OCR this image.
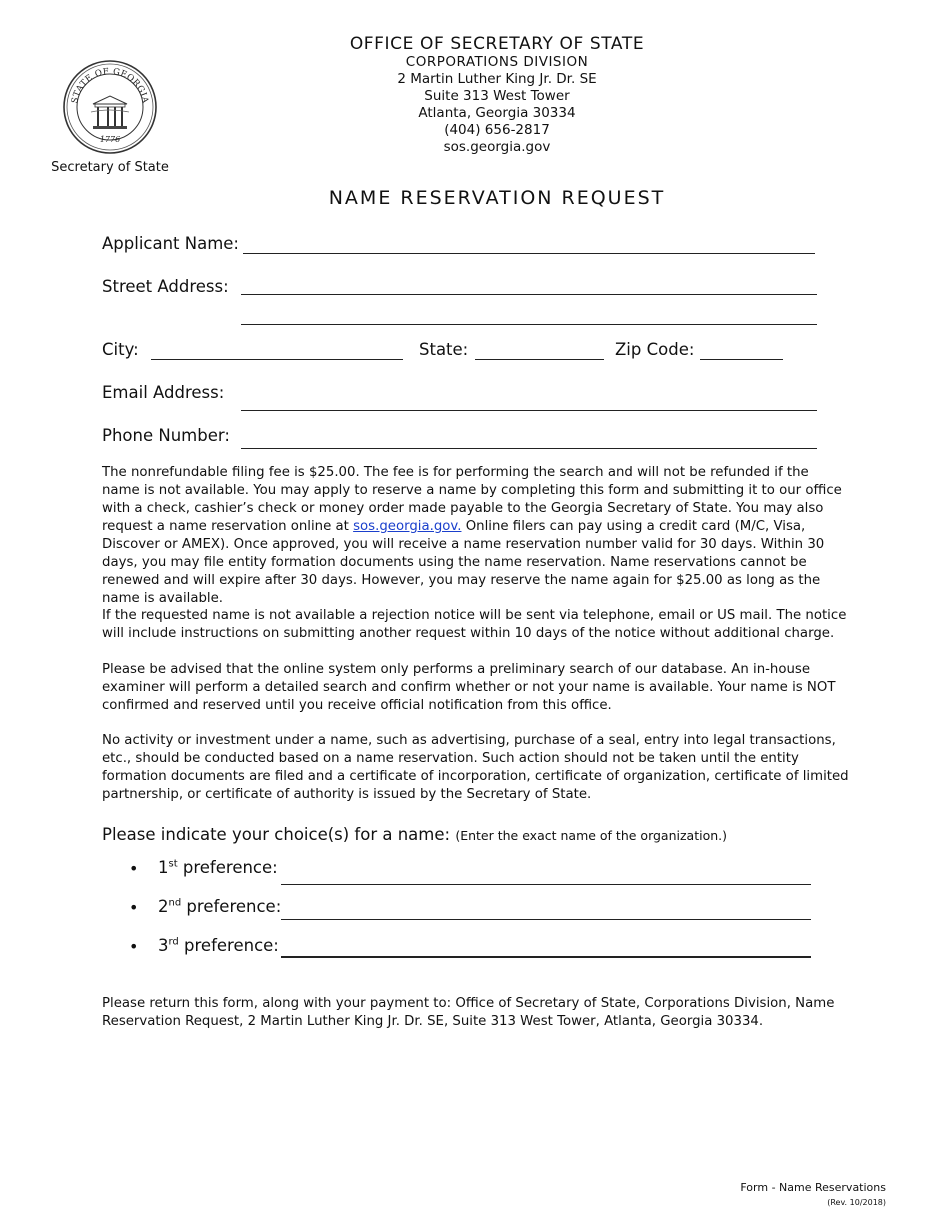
STATE OF GEORGIA
1776
Secretary of State
OFFICE OF SECRETARY OF STATE
CORPORATIONS DIVISION
2 Martin Luther King Jr. Dr. SE
Suite 313 West Tower
Atlanta, Georgia 30334
(404) 656-2817
sos.georgia.gov
NAME RESERVATION REQUEST
Applicant Name:
Street Address:
City:	State:	Zip Code:
Email Address:
Phone Number:
The nonrefundable filing fee is $25.00. The fee is for performing the search and will not be refunded if the name is not available. You may apply to reserve a name by completing this form and submitting it to our office with a check, cashier’s check or money order made payable to the Georgia Secretary of State. You may also request a name reservation online at sos.georgia.gov. Online filers can pay using a credit card (M/C, Visa, Discover or AMEX). Once approved, you will receive a name reservation number valid for 30 days. Within 30 days, you may file entity formation documents using the name reservation. Name reservations cannot be renewed and will expire after 30 days. However, you may reserve the name again for $25.00 as long as the name is available.
If the requested name is not available a rejection notice will be sent via telephone, email or US mail. The notice will include instructions on submitting another request within 10 days of the notice without additional charge.
Please be advised that the online system only performs a preliminary search of our database. An in-house examiner will perform a detailed search and confirm whether or not your name is available. Your name is NOT confirmed and reserved until you receive official notification from this office.
No activity or investment under a name, such as advertising, purchase of a seal, entry into legal transactions, etc., should be conducted based on a name reservation. Such action should not be taken until the entity formation documents are filed and a certificate of incorporation, certificate of organization, certificate of limited partnership, or certificate of authority is issued by the Secretary of State.
Please indicate your choice(s) for a name: (Enter the exact name of the organization.)
• 1st preference:
• 2nd preference:
• 3rd preference:
Please return this form, along with your payment to: Office of Secretary of State, Corporations Division, Name Reservation Request, 2 Martin Luther King Jr. Dr. SE, Suite 313 West Tower, Atlanta, Georgia 30334.
Form - Name Reservations
(Rev. 10/2018)
